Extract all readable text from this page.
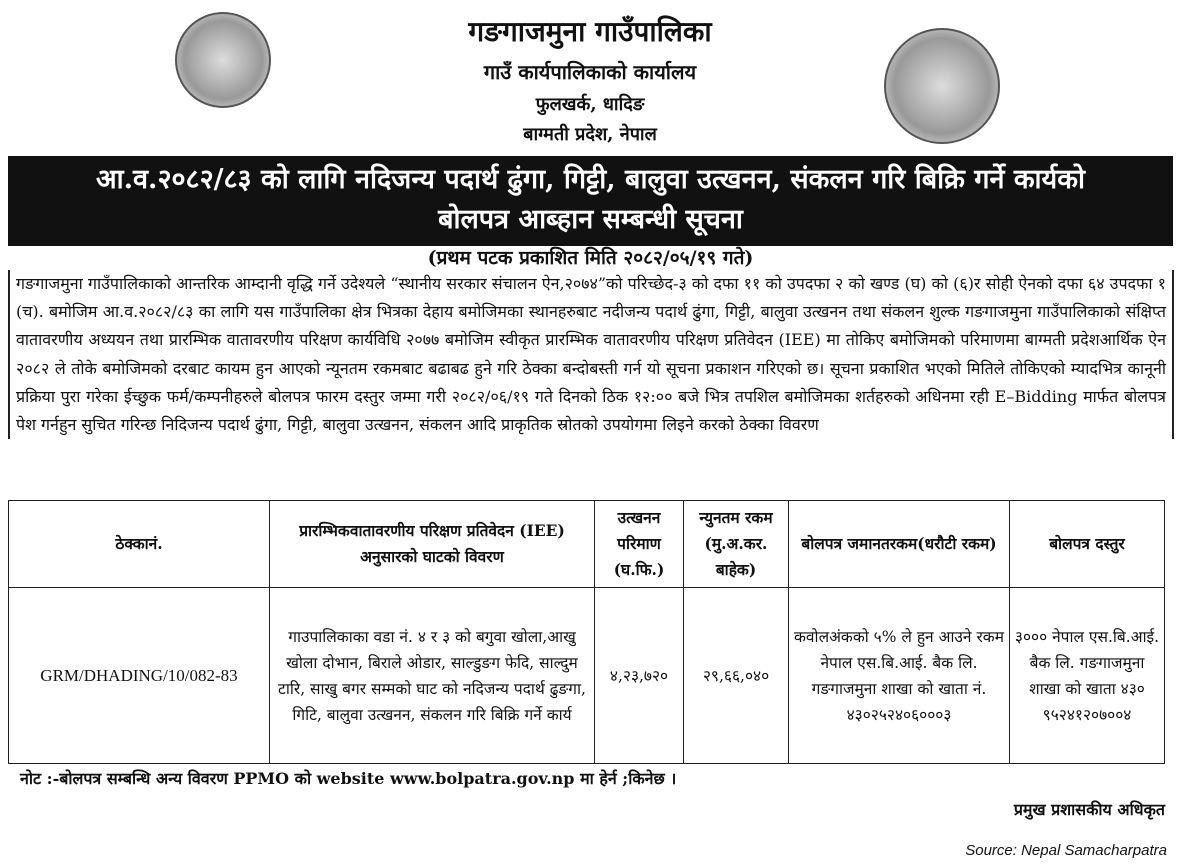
गङगाजमुना गाउँपालिका
गाउँ कार्यपालिकाको कार्यालय
फुलखर्क, धादिङ
बाग्मती प्रदेश, नेपाल
आ.व.२०८२/८३ को लागि नदिजन्य पदार्थ ढुंगा, गिट्टी, बालुवा उत्खनन, संकलन गरि बिक्रि गर्ने कार्यको
बोलपत्र आब्हान सम्बन्धी सूचना
(प्रथम पटक प्रकाशित मिति २०८२/०५/१९ गते)
गङगाजमुना गाउँपालिकाको आन्तरिक आम्दानी वृद्धि गर्ने उदेश्यले “स्थानीय सरकार संचालन ऐन,२०७४”को परिच्छेद-३ को दफा ११ को उपदफा २ को खण्ड (घ) को (६)र सोही ऐनको दफा ६४ उपदफा १ (च). बमोजिम आ.व.२०८२/८३ का लागि यस गाउँपालिका क्षेत्र भित्रका देहाय बमोजिमका स्थानहरुबाट नदीजन्य पदार्थ ढुंगा, गिट्टी, बालुवा उत्खनन तथा संकलन शुल्क गङगाजमुना गाउँपालिकाको संक्षिप्त वातावरणीय अध्ययन तथा प्रारम्भिक वातावरणीय परिक्षण कार्यविधि २०७७ बमोजिम स्वीकृत प्रारम्भिक वातावरणीय परिक्षण प्रतिवेदन (IEE) मा तोकिए बमोजिमको परिमाणमा बाग्मती प्रदेशआर्थिक ऐन २०८२ ले तोके बमोजिमको दरबाट कायम हुन आएको न्यूनतम रकमबाट बढाबढ हुने गरि ठेक्का बन्दोबस्ती गर्न यो सूचना प्रकाशन गरिएको छ। सूचना प्रकाशित भएको मितिले तोकिएको म्यादभित्र कानूनी प्रक्रिया पुरा गरेका ईच्छुक फर्म/कम्पनीहरुले बोलपत्र फारम दस्तुर जम्मा गरी २०८२/०६/१९ गते दिनको ठिक १२:०० बजे भित्र तपशिल बमोजिमका शर्तहरुको अधिनमा रही E–Bidding मार्फत बोलपत्र पेश गर्नहुन सुचित गरिन्छ निदिजन्य पदार्थ ढुंगा, गिट्टी, बालुवा उत्खनन, संकलन आदि प्राकृतिक स्रोतको उपयोगमा लिइने करको ठेक्का विवरण
ठेक्कानं.	प्रारम्भिकवातावरणीय परिक्षण प्रतिवेदन (IEE) अनुसारको घाटको विवरण	उत्खनन परिमाण (घ.फि.)	न्युनतम रकम (मु.अ.कर. बाहेक)	बोलपत्र जमानतरकम(धरौटी रकम)	बोलपत्र दस्तुर
GRM/DHADING/10/082-83	गाउपालिकाका वडा नं. ४ र ३ को बगुवा खोला,आखु खोला दोभान, बिराले ओडार, साल्डुङग फेदि, साल्दुम टारि, साखु बगर सम्मको घाट को नदिजन्य पदार्थ ढुङगा, गिटि, बालुवा उत्खनन, संकलन गरि बिक्रि गर्ने कार्य	४,२३,७२०	२९,६६,०४०	कवोलअंकको ५% ले हुन आउने रकम नेपाल एस.बि.आई. बैक लि. गङगाजमुना शाखा को खाता नं. ४३०२५२४०६०००३	३००० नेपाल एस.बि.आई. बैक लि. गङगाजमुना शाखा को खाता ४३० ९५२४१२०७००४
नोट :-बोलपत्र सम्बन्धि अन्य विवरण PPMO को website www.bolpatra.gov.np मा हेर्न ;किनेछ ।
प्रमुख प्रशासकीय अधिकृत
Source: Nepal Samacharpatra
